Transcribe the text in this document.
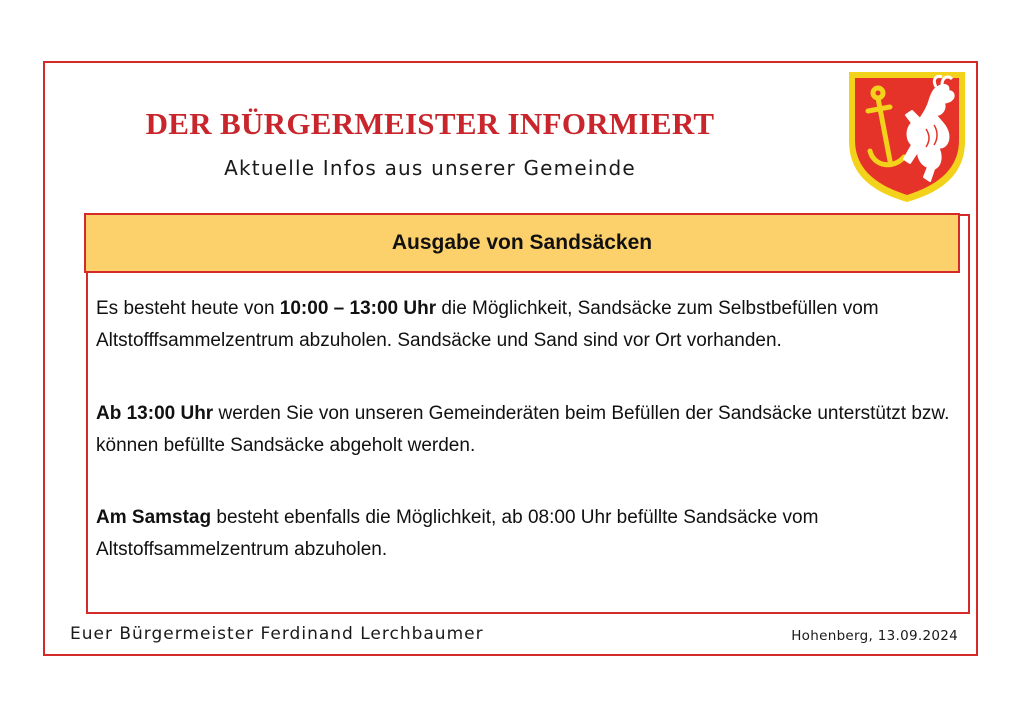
DER BÜRGERMEISTER INFORMIERT
Aktuelle Infos aus unserer Gemeinde
Ausgabe von Sandsäcken
Es besteht heute von 10:00 – 13:00 Uhr die Möglichkeit, Sandsäcke zum Selbstbefüllen vom Altstofffsammelzentrum abzuholen. Sandsäcke und Sand sind vor Ort vorhanden.
Ab 13:00 Uhr werden Sie von unseren Gemeinderäten beim Befüllen der Sandsäcke unterstützt bzw. können befüllte Sandsäcke abgeholt werden.
Am Samstag besteht ebenfalls die Möglichkeit, ab 08:00 Uhr befüllte Sandsäcke vom Altstoffsammelzentrum abzuholen.
Euer Bürgermeister Ferdinand Lerchbaumer	Hohenberg, 13.09.2024
